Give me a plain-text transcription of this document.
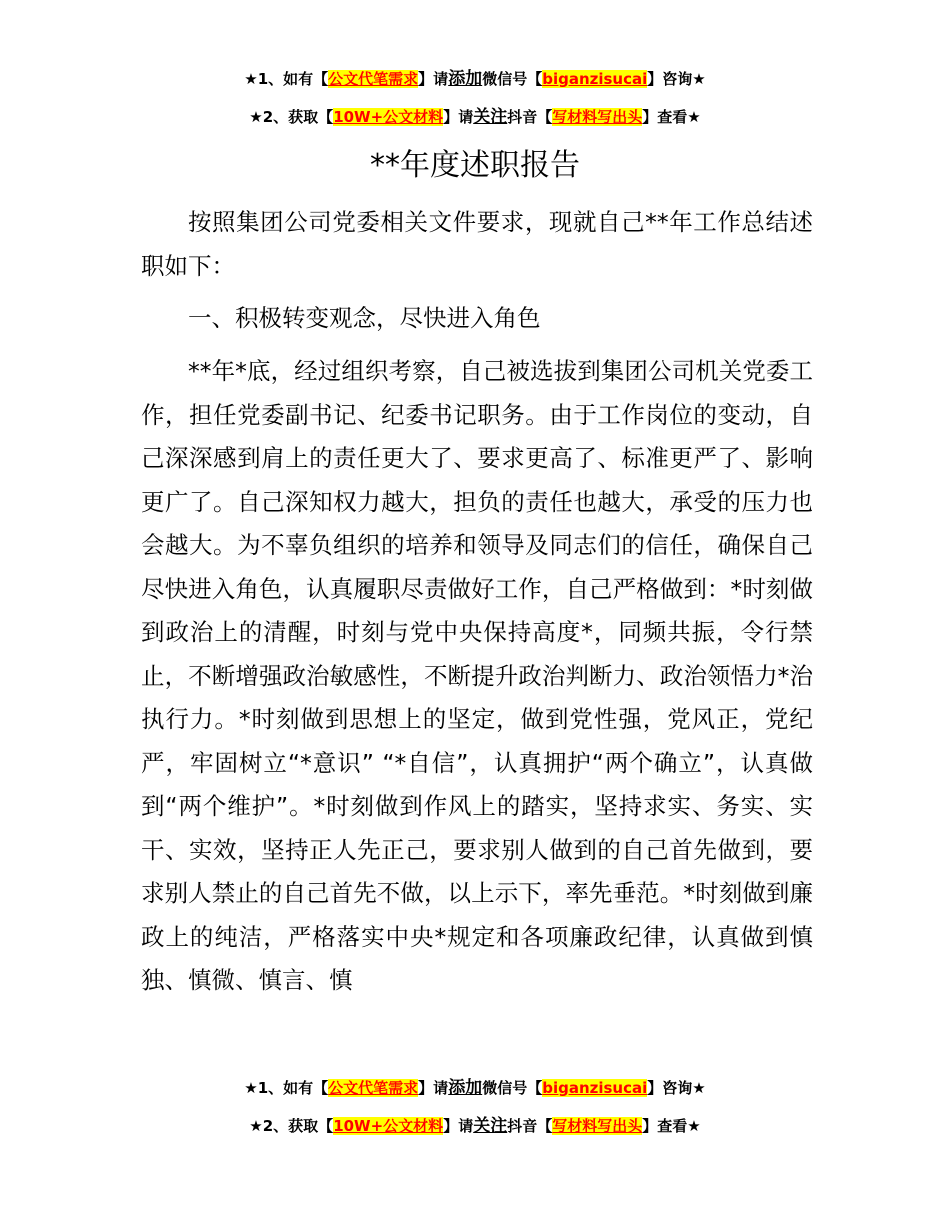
★1、如有【公文代笔需求】请添加微信号【biganzisucai】咨询★
★2、获取【10W+公文材料】请关注抖音【写材料写出头】查看★
**年度述职报告

按照集团公司党委相关文件要求，现就自己**年工作总结述职如下：

一、积极转变观念，尽快进入角色

**年*底，经过组织考察，自己被选拔到集团公司机关党委工作，担任党委副书记、纪委书记职务。由于工作岗位的变动，自己深深感到肩上的责任更大了、要求更高了、标准更严了、影响更广了。自己深知权力越大，担负的责任也越大，承受的压力也会越大。为不辜负组织的培养和领导及同志们的信任，确保自己尽快进入角色，认真履职尽责做好工作，自己严格做到：*时刻做到政治上的清醒，时刻与党中央保持高度*，同频共振，令行禁止，不断增强政治敏感性，不断提升政治判断力、政治领悟力*治执行力。*时刻做到思想上的坚定，做到党性强，党风正，党纪严，牢固树立“*意识” “*自信”，认真拥护“两个确立”，认真做到“两个维护”。*时刻做到作风上的踏实，坚持求实、务实、实干、实效，坚持正人先正己，要求别人做到的自己首先做到，要求别人禁止的自己首先不做，以上示下，率先垂范。*时刻做到廉政上的纯洁，严格落实中央*规定和各项廉政纪律，认真做到慎独、慎微、慎言、慎

★1、如有【公文代笔需求】请添加微信号【biganzisucai】咨询★
★2、获取【10W+公文材料】请关注抖音【写材料写出头】查看★
